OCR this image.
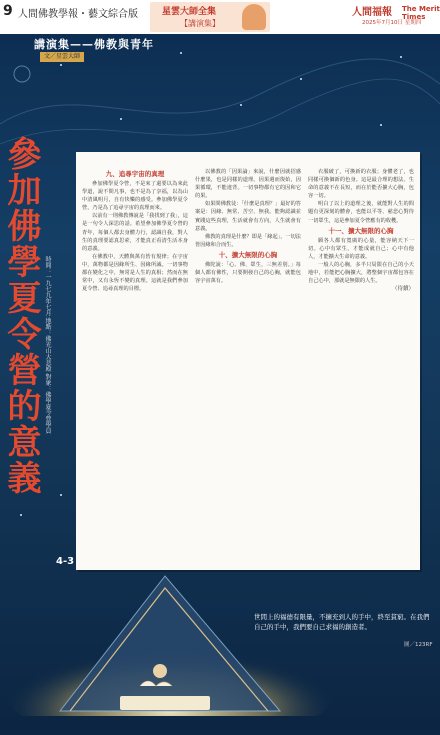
9 人間佛教學報・藝文綜合版	星雲大師全集
【講演集】
人間福報 The Merit Times
2025年7月10日 星期四
講演集——佛教與青年
文／星雲大師
參加佛學夏令營的意義 時間：一九七九年七月 地點：佛光山大悲殿 對象：佛學夏令營學員
4-3

九、追尋宇宙的真理

參加佛學夏令營，不是來了還要以為來此學道，說不問凡事，也不是為了享福，以為山中清風明月，自有快樂的感受。參加佛學夏令營，乃是為了追尋宇宙的真理而來。

以前有一則佛教傳說是「我找到了我」，這是一句令人深思的話。希望參加佛學夏令營的青年，每個人都去身體力行，認識自我，對人生的真理要認真思索，才能真正看清生活本身的意義。

在佛教中，天體與萬有皆有規律；在宇宙中，萬物都是因緣所生、因緣所滅。一切事物都在變化之中，無常是人生的真相；然而在無常中，又有永恆不變的真理。這就是我們參加夏令營、追尋真理的目標。

以佛教的「因果論」來說，什麼因就招感什麼果，也是同樣的道理。因果週而復始，因果循環，不能違背。一切事物都有它的因和它的果。

如果問佛教徒：「什麼是真理？」最好的答案是：因緣、無常、苦空、無我。能夠認識並實踐這些真理，生活就會有方向，人生就會有意義。

佛教的真理是什麼？即是「緣起」，一切法皆因緣和合而生。

十、擴大無限的心胸

佛陀說：「心、佛、眾生，三無差別。」每個人都有佛性，只要開發自己的心胸，就能包容宇宙萬有。

衣服破了，可換新的衣服；身體老了，也同樣可換個新的色身。這是最合理的想法。生命的意義不在長短，而在於能否擴大心胸，包容一切。

明白了以上的道理之後，就能對人生的問題有更深刻的體會，也能以平等、慈悲心對待一切眾生，這是參加夏令營應有的收穫。

十一、擴大無限的心胸

願各人都有寬廣的心量，能容納天下一切。心中有眾生，才能成就自己；心中有他人，才能擴大生命的意義。

一般人的心胸，多半只局限在自己的小天地中，若能把心胸擴大，將整個宇宙都包容在自己心中，那就是無限的人生。

（待續）

世間上的福德有限量，不擴充到人的手中，終至貧窮。在我們自己的手中，我們要自己求福的創造者。
圖／123RF
